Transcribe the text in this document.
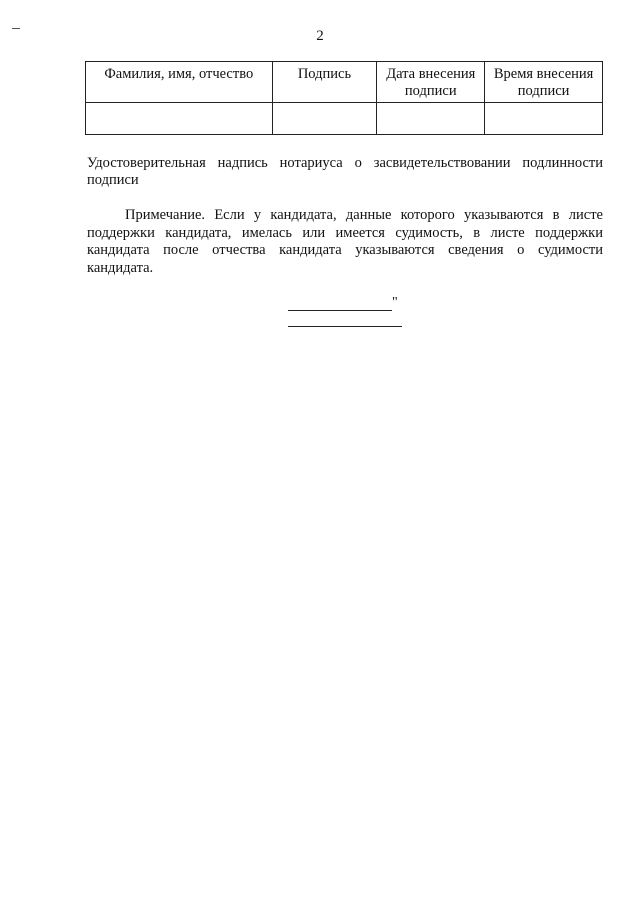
2
Фамилия, имя, отчество	Подпись	Дата внесения подписи	Время внесения подписи

Удостоверительная надпись нотариуса о засвидетельствовании подлинности подписи

Примечание. Если у кандидата, данные которого указываются в листе поддержки кандидата, имелась или имеется судимость, в листе поддержки кандидата после отчества кандидата указываются сведения о судимости кандидата.

"
